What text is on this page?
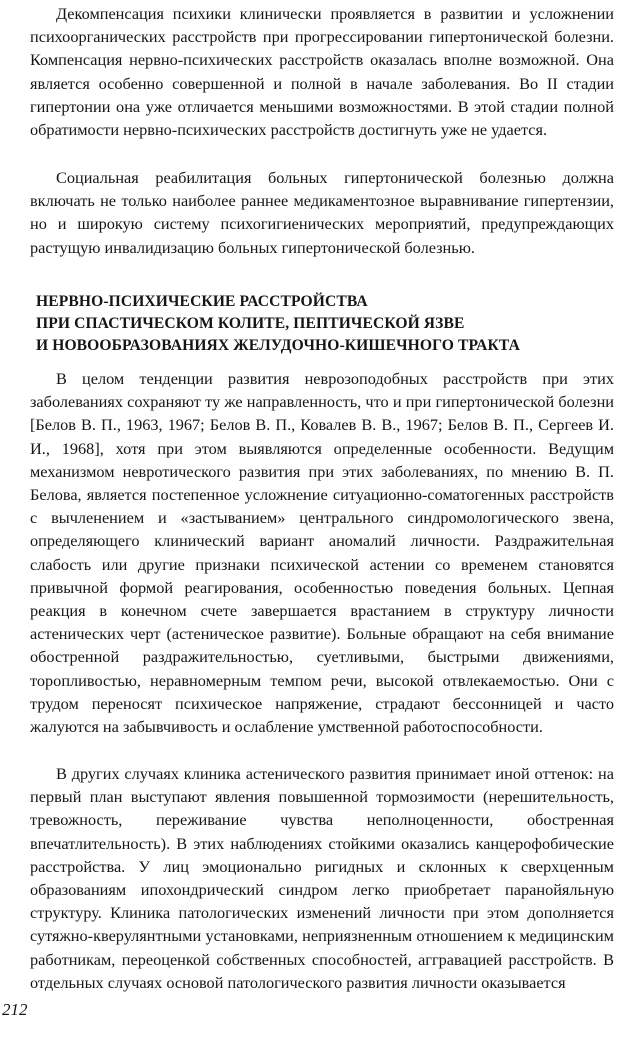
Декомпенсация психики клинически проявляется в развитии и усложнении психоорганических расстройств при прогрессировании гипертонической болезни. Компенсация нервно-психических расстройств оказалась вполне возможной. Она является особенно совершенной и полной в начале заболевания. Во II стадии гипертонии она уже отличается меньшими возможностями. В этой стадии полной обратимости нервно-психических расстройств достигнуть уже не удается.

Социальная реабилитация больных гипертонической болезнью должна включать не только наиболее раннее медикаментозное выравнивание гипертензии, но и широкую систему психогигиенических мероприятий, предупреждающих растущую инвалидизацию больных гипертонической болезнью.

НЕРВНО-ПСИХИЧЕСКИЕ РАССТРОЙСТВА
ПРИ СПАСТИЧЕСКОМ КОЛИТЕ, ПЕПТИЧЕСКОЙ ЯЗВЕ
И НОВООБРАЗОВАНИЯХ ЖЕЛУДОЧНО-КИШЕЧНОГО ТРАКТА

В целом тенденции развития неврозоподобных расстройств при этих заболеваниях сохраняют ту же направленность, что и при гипертонической болезни [Белов В. П., 1963, 1967; Белов В. П., Ковалев В. В., 1967; Белов В. П., Сергеев И. И., 1968], хотя при этом выявляются определенные особенности. Ведущим механизмом невротического развития при этих заболеваниях, по мнению В. П. Белова, является постепенное усложнение ситуационно-соматогенных расстройств с вычленением и «застыванием» центрального синдромологического звена, определяющего клинический вариант аномалий личности. Раздражительная слабость или другие признаки психической астении со временем становятся привычной формой реагирования, особенностью поведения больных. Цепная реакция в конечном счете завершается врастанием в структуру личности астенических черт (астеническое развитие). Больные обращают на себя внимание обостренной раздражительностью, суетливыми, быстрыми движениями, торопливостью, неравномерным темпом речи, высокой отвлекаемостью. Они с трудом переносят психическое напряжение, страдают бессонницей и часто жалуются на забывчивость и ослабление умственной работоспособности.

В других случаях клиника астенического развития принимает иной оттенок: на первый план выступают явления повышенной тормозимости (нерешительность, тревожность, переживание чувства неполноценности, обостренная впечатлительность). В этих наблюдениях стойкими оказались канцерофобические расстройства. У лиц эмоционально ригидных и склонных к сверхценным образованиям ипохондрический синдром легко приобретает паранойяльную структуру. Клиника патологических изменений личности при этом дополняется сутяжно-кверулянтными установками, неприязненным отношением к медицинским работникам, переоценкой собственных способностей, аггравацией расстройств. В отдельных случаях основой патологического развития личности оказывается

212
